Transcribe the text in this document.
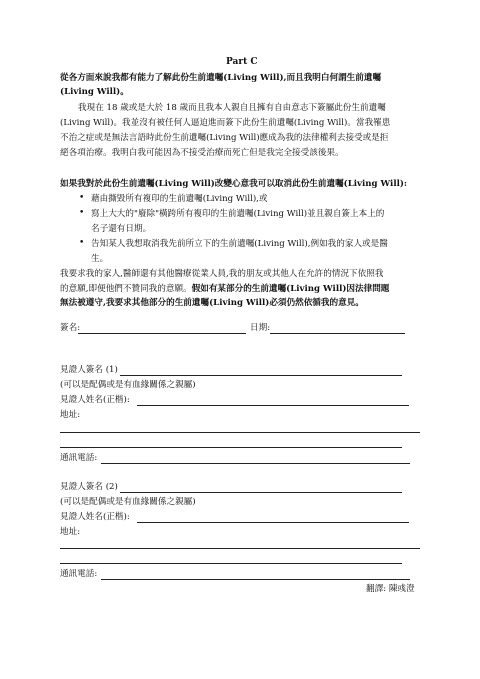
Part C
從各方面來說我都有能力了解此份生前遺囑(Living Will),而且我明白何謂生前遺囑
(Living Will)。
我現在 18 歲或是大於 18 歲而且我本人親自且擁有自由意志下簽屬此份生前遺囑
(Living Will)。我並沒有被任何人逼迫進而簽下此份生前遺囑(Living Will)。當我罹患
不治之症或是無法言語時此份生前遺囑(Living Will)應成為我的法律權利去接受或是拒
絕各項治療。我明白我可能因為不接受治療而死亡但是我完全接受該後果。
如果我對於此份生前遺囑(Living Will)改變心意我可以取消此份生前遺囑(Living Will):
• 藉由撕毀所有複印的生前遺囑(Living Will),或
• 寫上大大的"廢除"橫跨所有複印的生前遺囑(Living Will)並且親自簽上本上的
名子還有日期。
• 告知某人我想取消我先前所立下的生前遺囑(Living Will),例如我的家人或是醫
生。
我要求我的家人,醫師還有其他醫療從業人員,我的朋友或其他人在允許的情況下依照我
的意願,即便他們不贊同我的意願。假如有某部分的生前遺囑(Living Will)因法律問題
無法被遵守,我要求其他部分的生前遺囑(Living Will)必須仍然依循我的意見。
簽名:	日期:
見證人簽名 (1)
(可以是配偶或是有血緣關係之親屬)
見證人姓名(正楷):
地址:
通訊電話:
見證人簽名 (2)
(可以是配偶或是有血緣關係之親屬)
見證人姓名(正楷):
地址:
通訊電話:
翻譯: 陳彧澄
